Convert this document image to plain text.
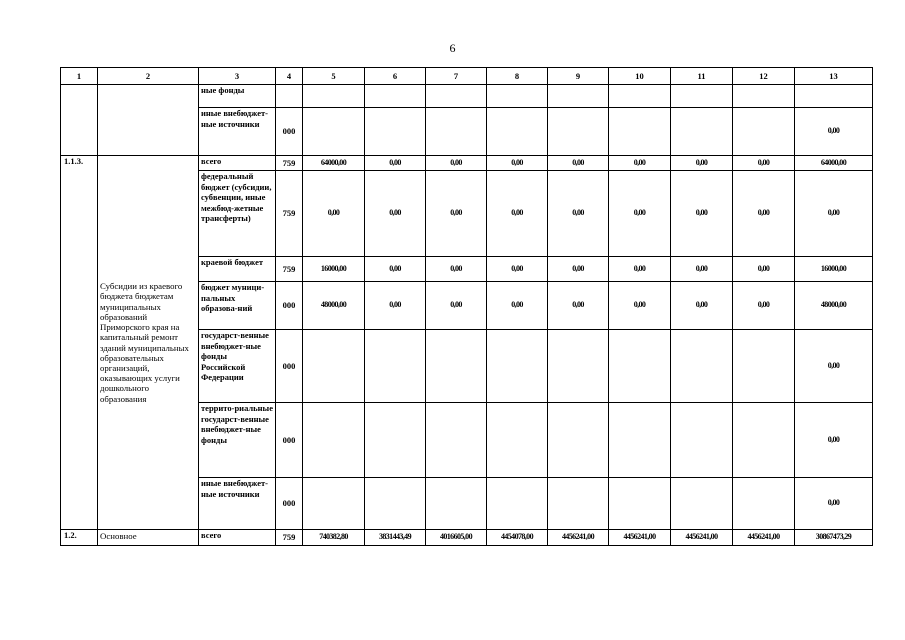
6
1	2	3	4	5	6	7	8	9	10	11	12	13
		ные фонды										
		иные внебюджет-ные источники	000									0,00
1.1.3.	Субсидии из краевого бюджета бюджетам муниципальных образований Приморского края на капитальный ремонт зданий муниципальных образовательных организаций, оказывающих услуги дошкольного образования	всего	759	64000,00	0,00	0,00	0,00	0,00	0,00	0,00	0,00	64000,00
		федеральный бюджет (субсидии, субвенции, иные межбюд-жетные трансферты)	759	0,00	0,00	0,00	0,00	0,00	0,00	0,00	0,00	0,00
		краевой бюджет	759	16000,00	0,00	0,00	0,00	0,00	0,00	0,00	0,00	16000,00
		бюджет муници-пальных образова-ний	000	48000,00	0,00	0,00	0,00	0,00	0,00	0,00	0,00	48000,00
		государст-венные внебюджет-ные фонды Российской Федерации	000									0,00
		террито-риальные государст-венные внебюджет-ные фонды	000									0,00
		иные внебюджет-ные источники	000									0,00
1.2.	Основное	всего	759	740382,80	3831443,49	4016605,00	4454078,00	4456241,00	4456241,00	4456241,00	4456241,00	30867473,29
